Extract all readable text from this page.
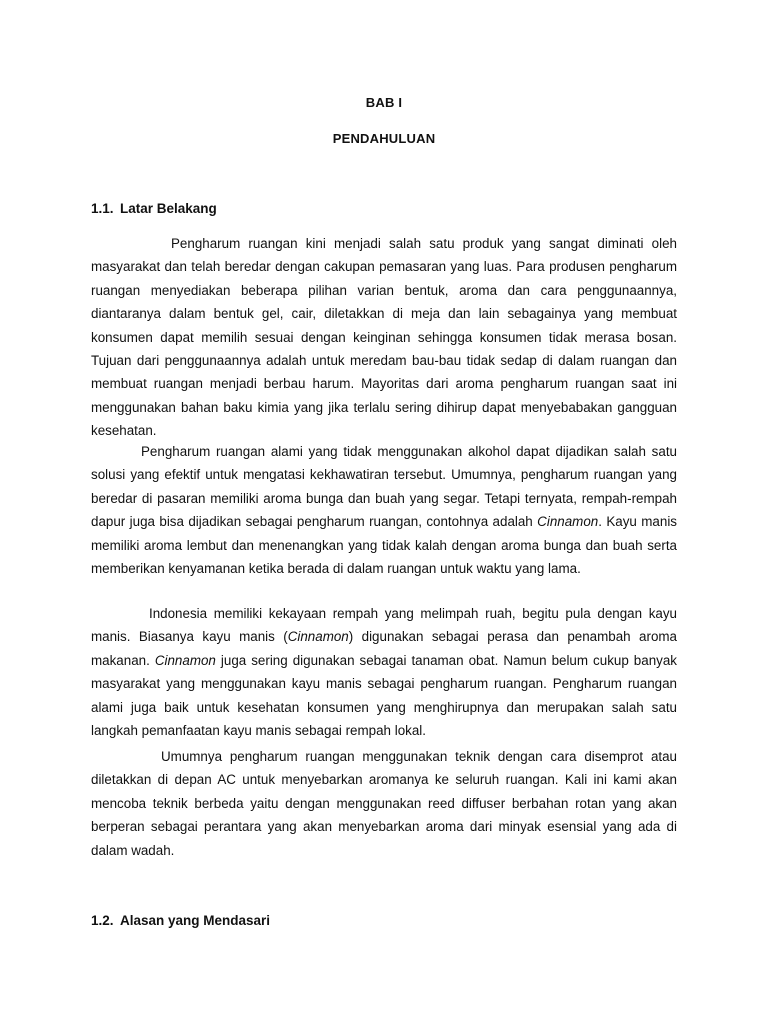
BAB I
PENDAHULUAN
1.1. Latar Belakang

Pengharum ruangan kini menjadi salah satu produk yang sangat diminati oleh masyarakat dan telah beredar dengan cakupan pemasaran yang luas. Para produsen pengharum ruangan menyediakan beberapa pilihan varian bentuk, aroma dan cara penggunaannya, diantaranya dalam bentuk gel, cair, diletakkan di meja dan lain sebagainya yang membuat konsumen dapat memilih sesuai dengan keinginan sehingga konsumen tidak merasa bosan. Tujuan dari penggunaannya adalah untuk meredam bau-bau tidak sedap di dalam ruangan dan membuat ruangan menjadi berbau harum. Mayoritas dari aroma pengharum ruangan saat ini menggunakan bahan baku kimia yang jika terlalu sering dihirup dapat menyebabakan gangguan kesehatan.

Pengharum ruangan alami yang tidak menggunakan alkohol dapat dijadikan salah satu solusi yang efektif untuk mengatasi kekhawatiran tersebut. Umumnya, pengharum ruangan yang beredar di pasaran memiliki aroma bunga dan buah yang segar. Tetapi ternyata, rempah-rempah dapur juga bisa dijadikan sebagai pengharum ruangan, contohnya adalah Cinnamon. Kayu manis memiliki aroma lembut dan menenangkan yang tidak kalah dengan aroma bunga dan buah serta memberikan kenyamanan ketika berada di dalam ruangan untuk waktu yang lama.

Indonesia memiliki kekayaan rempah yang melimpah ruah, begitu pula dengan kayu manis. Biasanya kayu manis (Cinnamon) digunakan sebagai perasa dan penambah aroma makanan. Cinnamon juga sering digunakan sebagai tanaman obat. Namun belum cukup banyak masyarakat yang menggunakan kayu manis sebagai pengharum ruangan. Pengharum ruangan alami juga baik untuk kesehatan konsumen yang menghirupnya dan merupakan salah satu langkah pemanfaatan kayu manis sebagai rempah lokal.

Umumnya pengharum ruangan menggunakan teknik dengan cara disemprot atau diletakkan di depan AC untuk menyebarkan aromanya ke seluruh ruangan. Kali ini kami akan mencoba teknik berbeda yaitu dengan menggunakan reed diffuser berbahan rotan yang akan berperan sebagai perantara yang akan menyebarkan aroma dari minyak esensial yang ada di dalam wadah.

1.2. Alasan yang Mendasari
